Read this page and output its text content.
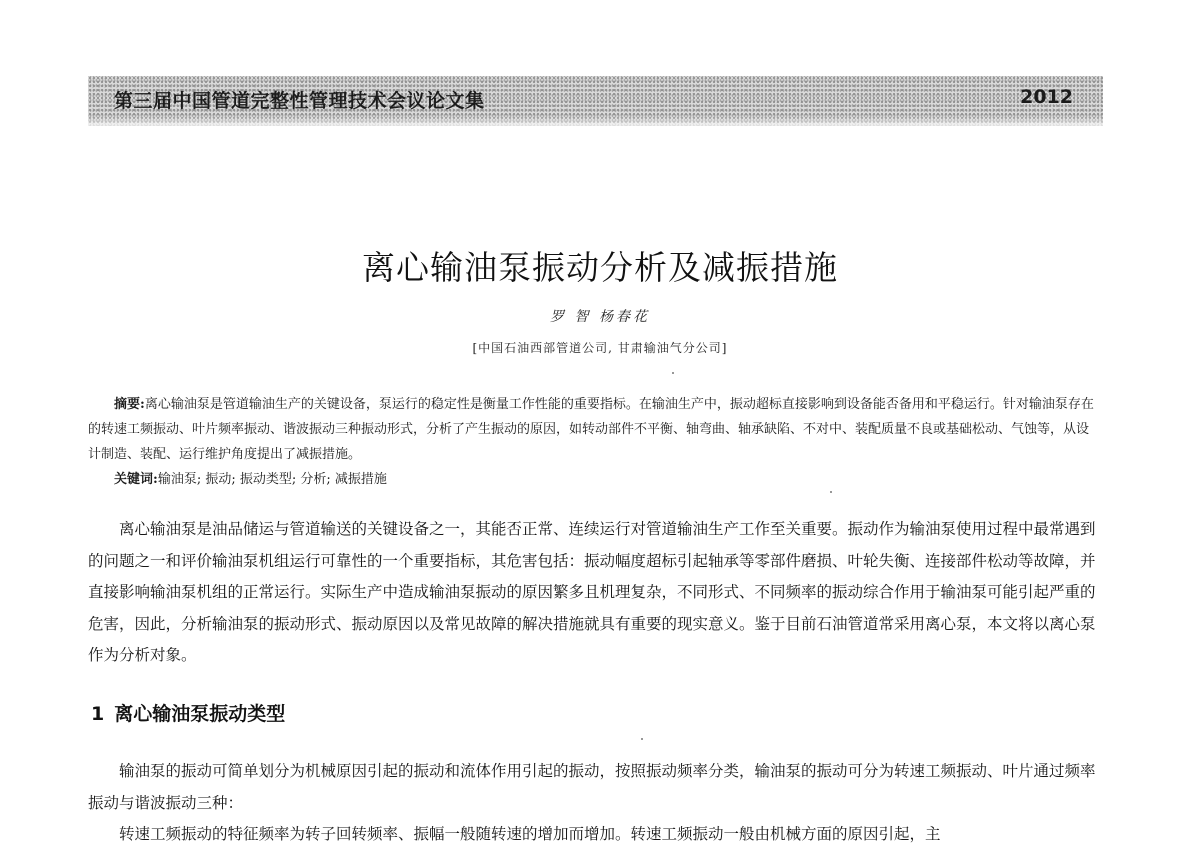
第三届中国管道完整性管理技术会议论文集	2012
离心输油泵振动分析及减振措施
罗 智 杨春花
[中国石油西部管道公司, 甘肃输油气分公司]

摘要:离心输油泵是管道输油生产的关键设备，泵运行的稳定性是衡量工作性能的重要指标。在输油生产中，振动超标直接影响到设备能否备用和平稳运行。针对输油泵存在的转速工频振动、叶片频率振动、谐波振动三种振动形式，分析了产生振动的原因，如转动部件不平衡、轴弯曲、轴承缺陷、不对中、装配质量不良或基础松动、气蚀等，从设计制造、装配、运行维护角度提出了减振措施。

关键词:输油泵; 振动; 振动类型; 分析; 减振措施

离心输油泵是油品储运与管道输送的关键设备之一，其能否正常、连续运行对管道输油生产工作至关重要。振动作为输油泵使用过程中最常遇到的问题之一和评价输油泵机组运行可靠性的一个重要指标，其危害包括：振动幅度超标引起轴承等零部件磨损、叶轮失衡、连接部件松动等故障，并直接影响输油泵机组的正常运行。实际生产中造成输油泵振动的原因繁多且机理复杂，不同形式、不同频率的振动综合作用于输油泵可能引起严重的危害，因此，分析输油泵的振动形式、振动原因以及常见故障的解决措施就具有重要的现实意义。鉴于目前石油管道常采用离心泵，本文将以离心泵作为分析对象。

1 离心输油泵振动类型

输油泵的振动可简单划分为机械原因引起的振动和流体作用引起的振动，按照振动频率分类，输油泵的振动可分为转速工频振动、叶片通过频率振动与谐波振动三种：

转速工频振动的特征频率为转子回转频率、振幅一般随转速的增加而增加。转速工频振动一般由机械方面的原因引起，主
